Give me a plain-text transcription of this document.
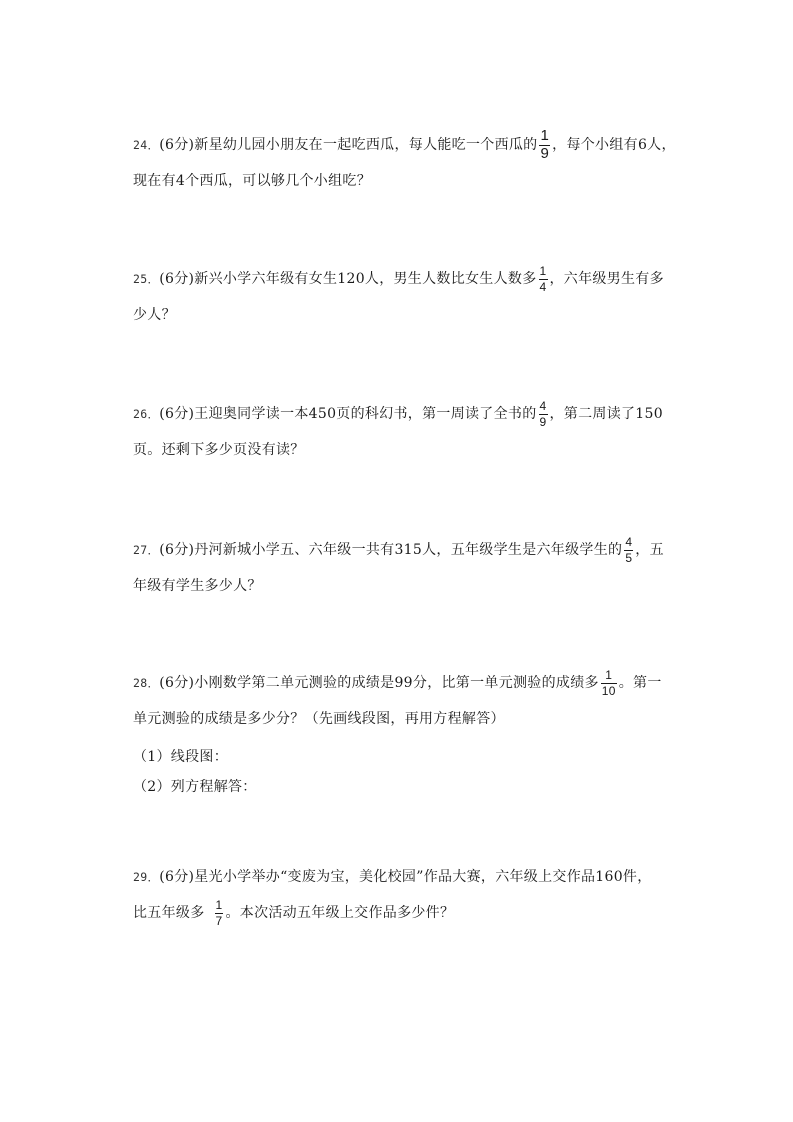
24．(6分)新星幼儿园小朋友在一起吃西瓜，每人能吃一个西瓜的 $\frac{1}{9}$ ，每个小组有6人，
现在有4个西瓜，可以够几个小组吃？
25．(6分)新兴小学六年级有女生120人，男生人数比女生人数多 $\frac{1}{4}$ ，六年级男生有多
少人？
26．(6分)王迎奥同学读一本450页的科幻书，第一周读了全书的 $\frac{4}{9}$ ，第二周读了150
页。还剩下多少页没有读？
27．(6分)丹河新城小学五、六年级一共有315人，五年级学生是六年级学生的 $\frac{4}{5}$ ，五
年级有学生多少人？
28．(6分)小刚数学第二单元测验的成绩是99分，比第一单元测验的成绩多 $\frac{1}{10}$ 。第一
单元测验的成绩是多少分？（先画线段图，再用方程解答）
（1）线段图：
（2）列方程解答：
29．(6分)星光小学举办“变废为宝，美化校园”作品大赛，六年级上交作品160件，
比五年级多 $\frac{1}{7}$ 。本次活动五年级上交作品多少件？
